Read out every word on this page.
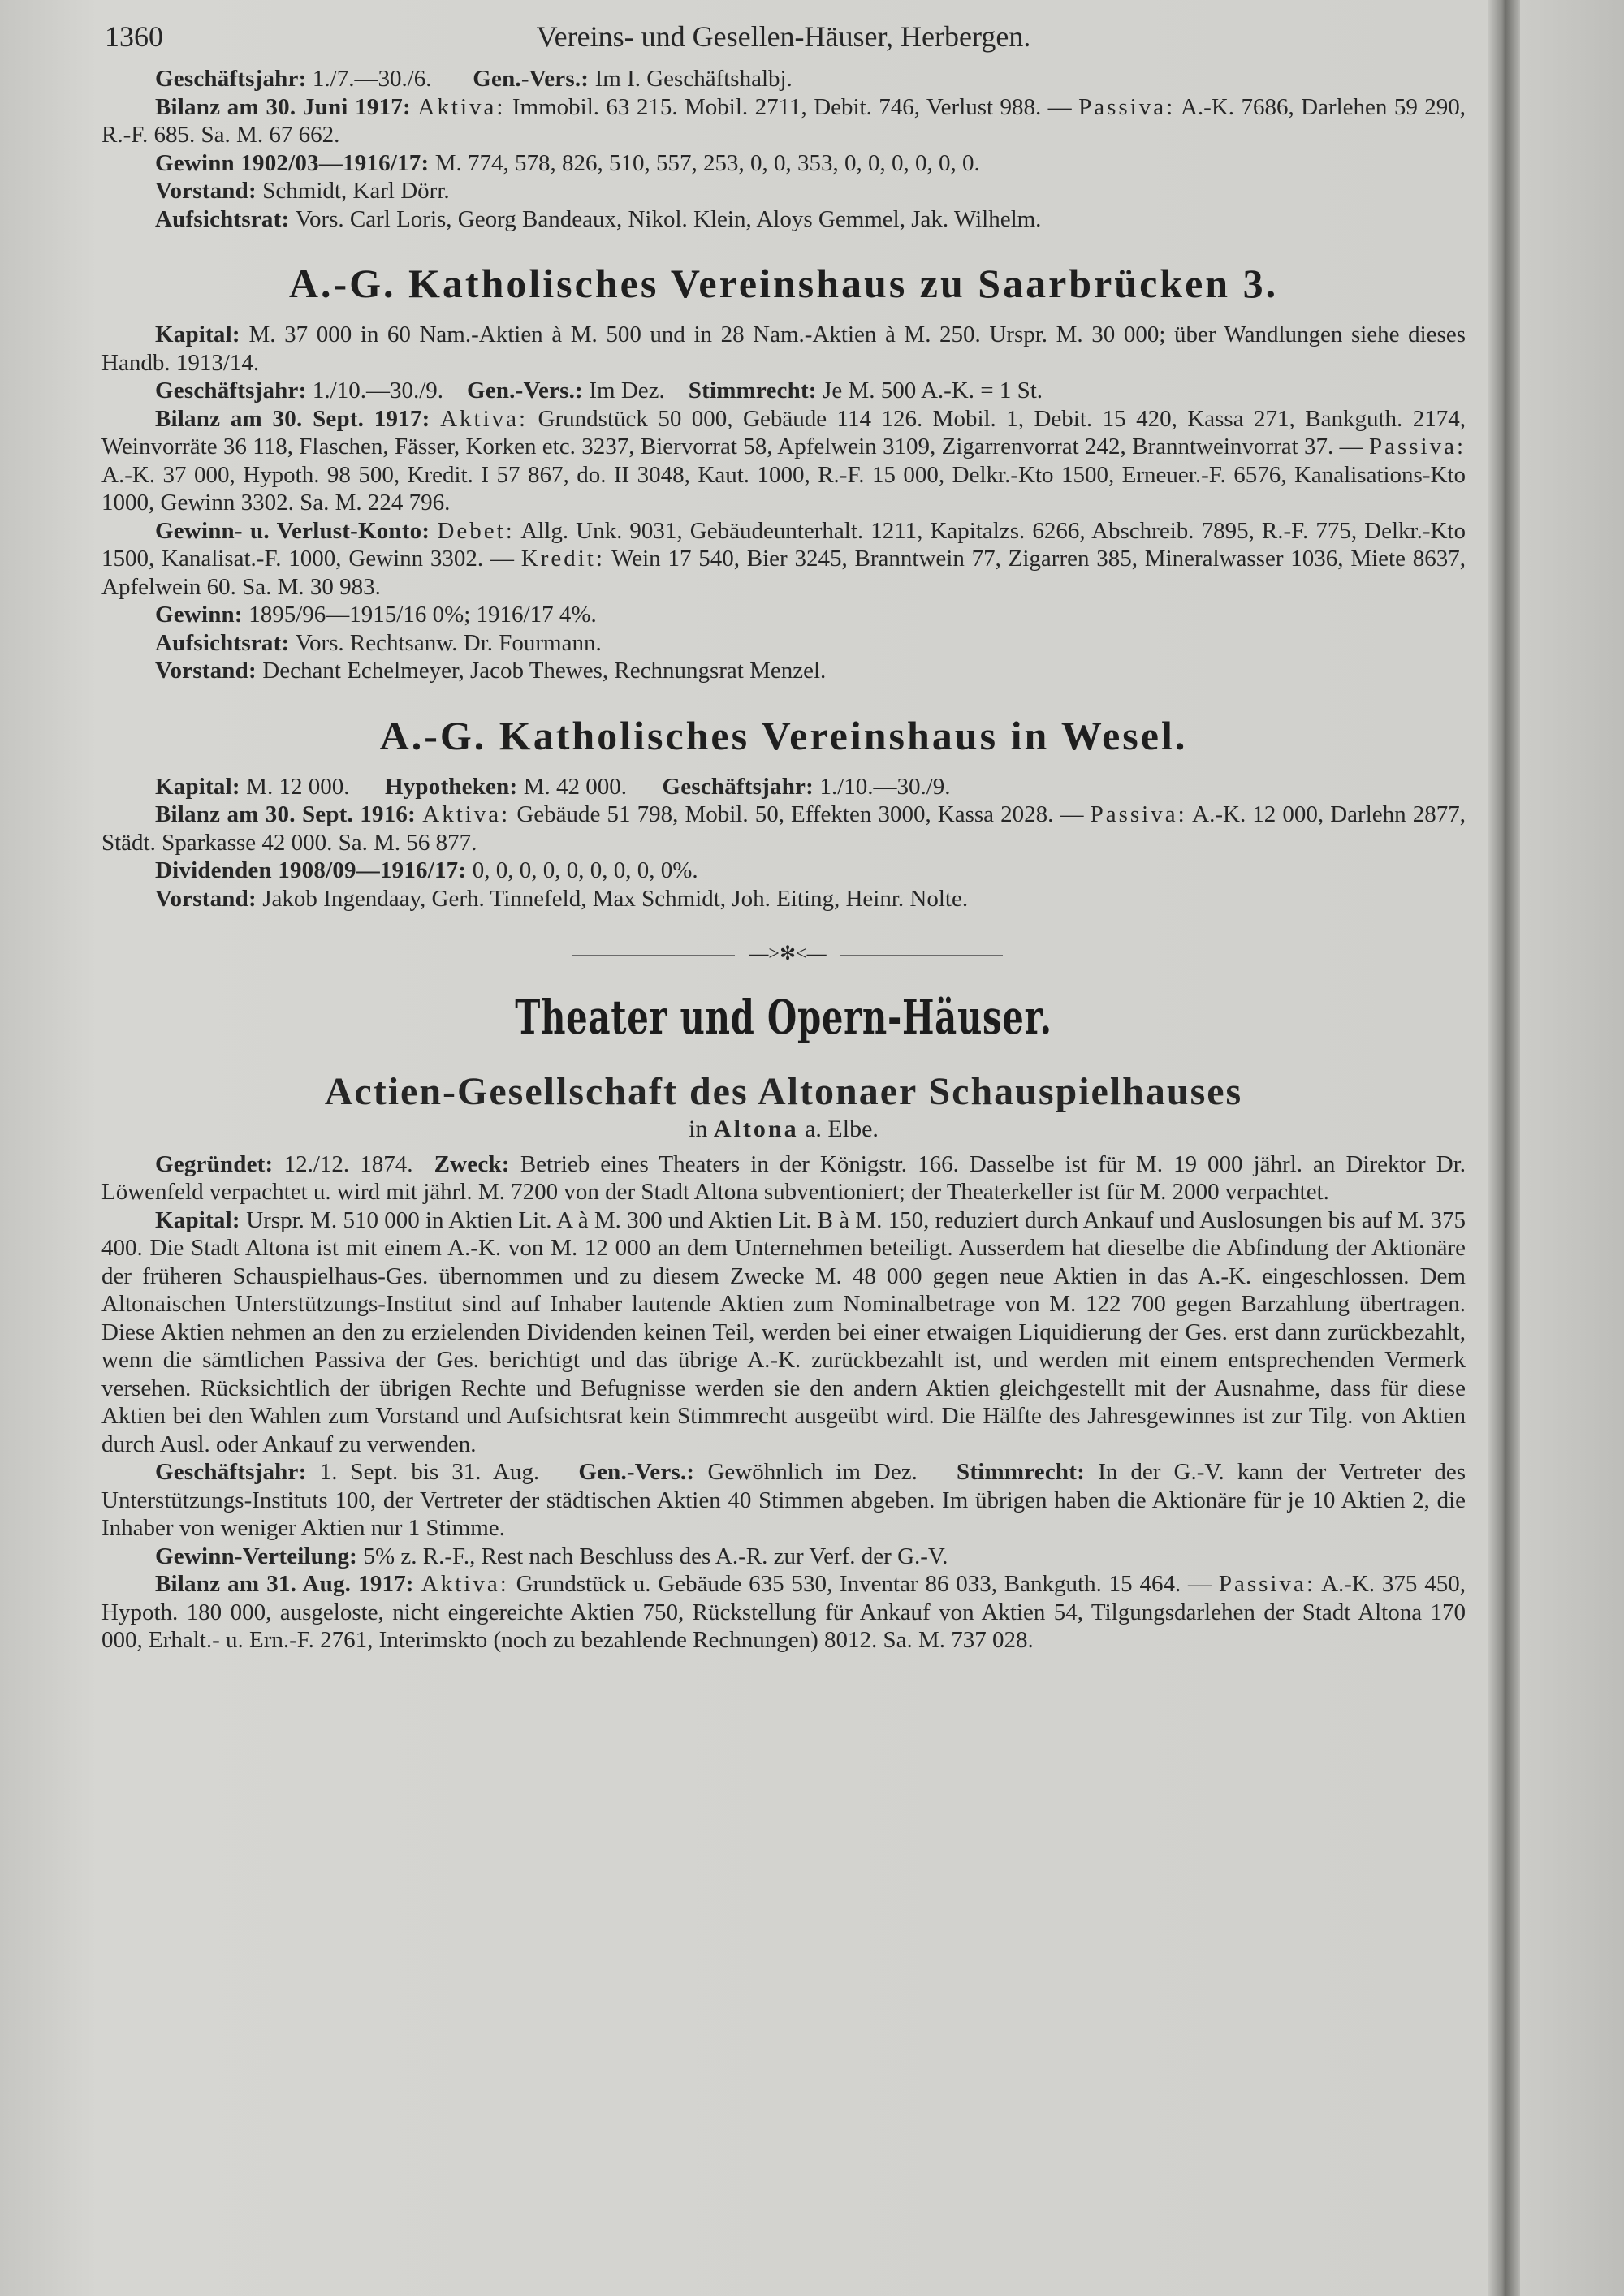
1360	Vereins- und Gesellen-Häuser, Herbergen.

Geschäftsjahr: 1./7.—30./6.       Gen.-Vers.: Im I. Geschäftshalbj.

Bilanz am 30. Juni 1917: Aktiva: Immobil. 63 215. Mobil. 2711, Debit. 746, Verlust 988. — Passiva: A.-K. 7686, Darlehen 59 290, R.-F. 685. Sa. M. 67 662.

Gewinn 1902/03—1916/17: M. 774, 578, 826, 510, 557, 253, 0, 0, 353, 0, 0, 0, 0, 0, 0.

Vorstand: Schmidt, Karl Dörr.

Aufsichtsrat: Vors. Carl Loris, Georg Bandeaux, Nikol. Klein, Aloys Gemmel, Jak. Wilhelm.

A.-G. Katholisches Vereinshaus zu Saarbrücken 3.

Kapital: M. 37 000 in 60 Nam.-Aktien à M. 500 und in 28 Nam.-Aktien à M. 250. Urspr. M. 30 000; über Wandlungen siehe dieses Handb. 1913/14.

Geschäftsjahr: 1./10.—30./9.    Gen.-Vers.: Im Dez.    Stimmrecht: Je M. 500 A.-K. = 1 St.

Bilanz am 30. Sept. 1917: Aktiva: Grundstück 50 000, Gebäude 114 126. Mobil. 1, Debit. 15 420, Kassa 271, Bankguth. 2174, Weinvorräte 36 118, Flaschen, Fässer, Korken etc. 3237, Biervorrat 58, Apfelwein 3109, Zigarrenvorrat 242, Branntweinvorrat 37. — Passiva: A.-K. 37 000, Hypoth. 98 500, Kredit. I 57 867, do. II 3048, Kaut. 1000, R.-F. 15 000, Delkr.-Kto 1500, Erneuer.-F. 6576, Kanalisations-Kto 1000, Gewinn 3302. Sa. M. 224 796.

Gewinn- u. Verlust-Konto: Debet: Allg. Unk. 9031, Gebäudeunterhalt. 1211, Kapitalzs. 6266, Abschreib. 7895, R.-F. 775, Delkr.-Kto 1500, Kanalisat.-F. 1000, Gewinn 3302. — Kredit: Wein 17 540, Bier 3245, Branntwein 77, Zigarren 385, Mineralwasser 1036, Miete 8637, Apfelwein 60. Sa. M. 30 983.

Gewinn: 1895/96—1915/16 0%; 1916/17 4%.

Aufsichtsrat: Vors. Rechtsanw. Dr. Fourmann.

Vorstand: Dechant Echelmeyer, Jacob Thewes, Rechnungsrat Menzel.

A.-G. Katholisches Vereinshaus in Wesel.

Kapital: M. 12 000.      Hypotheken: M. 42 000.      Geschäftsjahr: 1./10.—30./9.

Bilanz am 30. Sept. 1916: Aktiva: Gebäude 51 798, Mobil. 50, Effekten 3000, Kassa 2028. — Passiva: A.-K. 12 000, Darlehn 2877, Städt. Sparkasse 42 000. Sa. M. 56 877.

Dividenden 1908/09—1916/17: 0, 0, 0, 0, 0, 0, 0, 0, 0%.

Vorstand: Jakob Ingendaay, Gerh. Tinnefeld, Max Schmidt, Joh. Eiting, Heinr. Nolte.

—>✻<—
Theater und Opern-Häuser.
Actien-Gesellschaft des Altonaer Schauspielhauses
in Altona a. Elbe.

Gegründet: 12./12. 1874.  Zweck: Betrieb eines Theaters in der Königstr. 166. Dasselbe ist für M. 19 000 jährl. an Direktor Dr. Löwenfeld verpachtet u. wird mit jährl. M. 7200 von der Stadt Altona subventioniert; der Theaterkeller ist für M. 2000 verpachtet.

Kapital: Urspr. M. 510 000 in Aktien Lit. A à M. 300 und Aktien Lit. B à M. 150, reduziert durch Ankauf und Auslosungen bis auf M. 375 400. Die Stadt Altona ist mit einem A.-K. von M. 12 000 an dem Unternehmen beteiligt. Ausserdem hat dieselbe die Abfindung der Aktionäre der früheren Schauspielhaus-Ges. übernommen und zu diesem Zwecke M. 48 000 gegen neue Aktien in das A.-K. eingeschlossen. Dem Altonaischen Unterstützungs-Institut sind auf Inhaber lautende Aktien zum Nominalbetrage von M. 122 700 gegen Barzahlung übertragen. Diese Aktien nehmen an den zu erzielenden Dividenden keinen Teil, werden bei einer etwaigen Liquidierung der Ges. erst dann zurückbezahlt, wenn die sämtlichen Passiva der Ges. berichtigt und das übrige A.-K. zurückbezahlt ist, und werden mit einem entsprechenden Vermerk versehen. Rücksichtlich der übrigen Rechte und Befugnisse werden sie den andern Aktien gleichgestellt mit der Ausnahme, dass für diese Aktien bei den Wahlen zum Vorstand und Aufsichtsrat kein Stimmrecht ausgeübt wird. Die Hälfte des Jahresgewinnes ist zur Tilg. von Aktien durch Ausl. oder Ankauf zu verwenden.

Geschäftsjahr: 1. Sept. bis 31. Aug.   Gen.-Vers.: Gewöhnlich im Dez.   Stimmrecht: In der G.-V. kann der Vertreter des Unterstützungs-Instituts 100, der Vertreter der städtischen Aktien 40 Stimmen abgeben. Im übrigen haben die Aktionäre für je 10 Aktien 2, die Inhaber von weniger Aktien nur 1 Stimme.

Gewinn-Verteilung: 5% z. R.-F., Rest nach Beschluss des A.-R. zur Verf. der G.-V.

Bilanz am 31. Aug. 1917: Aktiva: Grundstück u. Gebäude 635 530, Inventar 86 033, Bankguth. 15 464. — Passiva: A.-K. 375 450, Hypoth. 180 000, ausgeloste, nicht eingereichte Aktien 750, Rückstellung für Ankauf von Aktien 54, Tilgungsdarlehen der Stadt Altona 170 000, Erhalt.- u. Ern.-F. 2761, Interimskto (noch zu bezahlende Rechnungen) 8012. Sa. M. 737 028.
